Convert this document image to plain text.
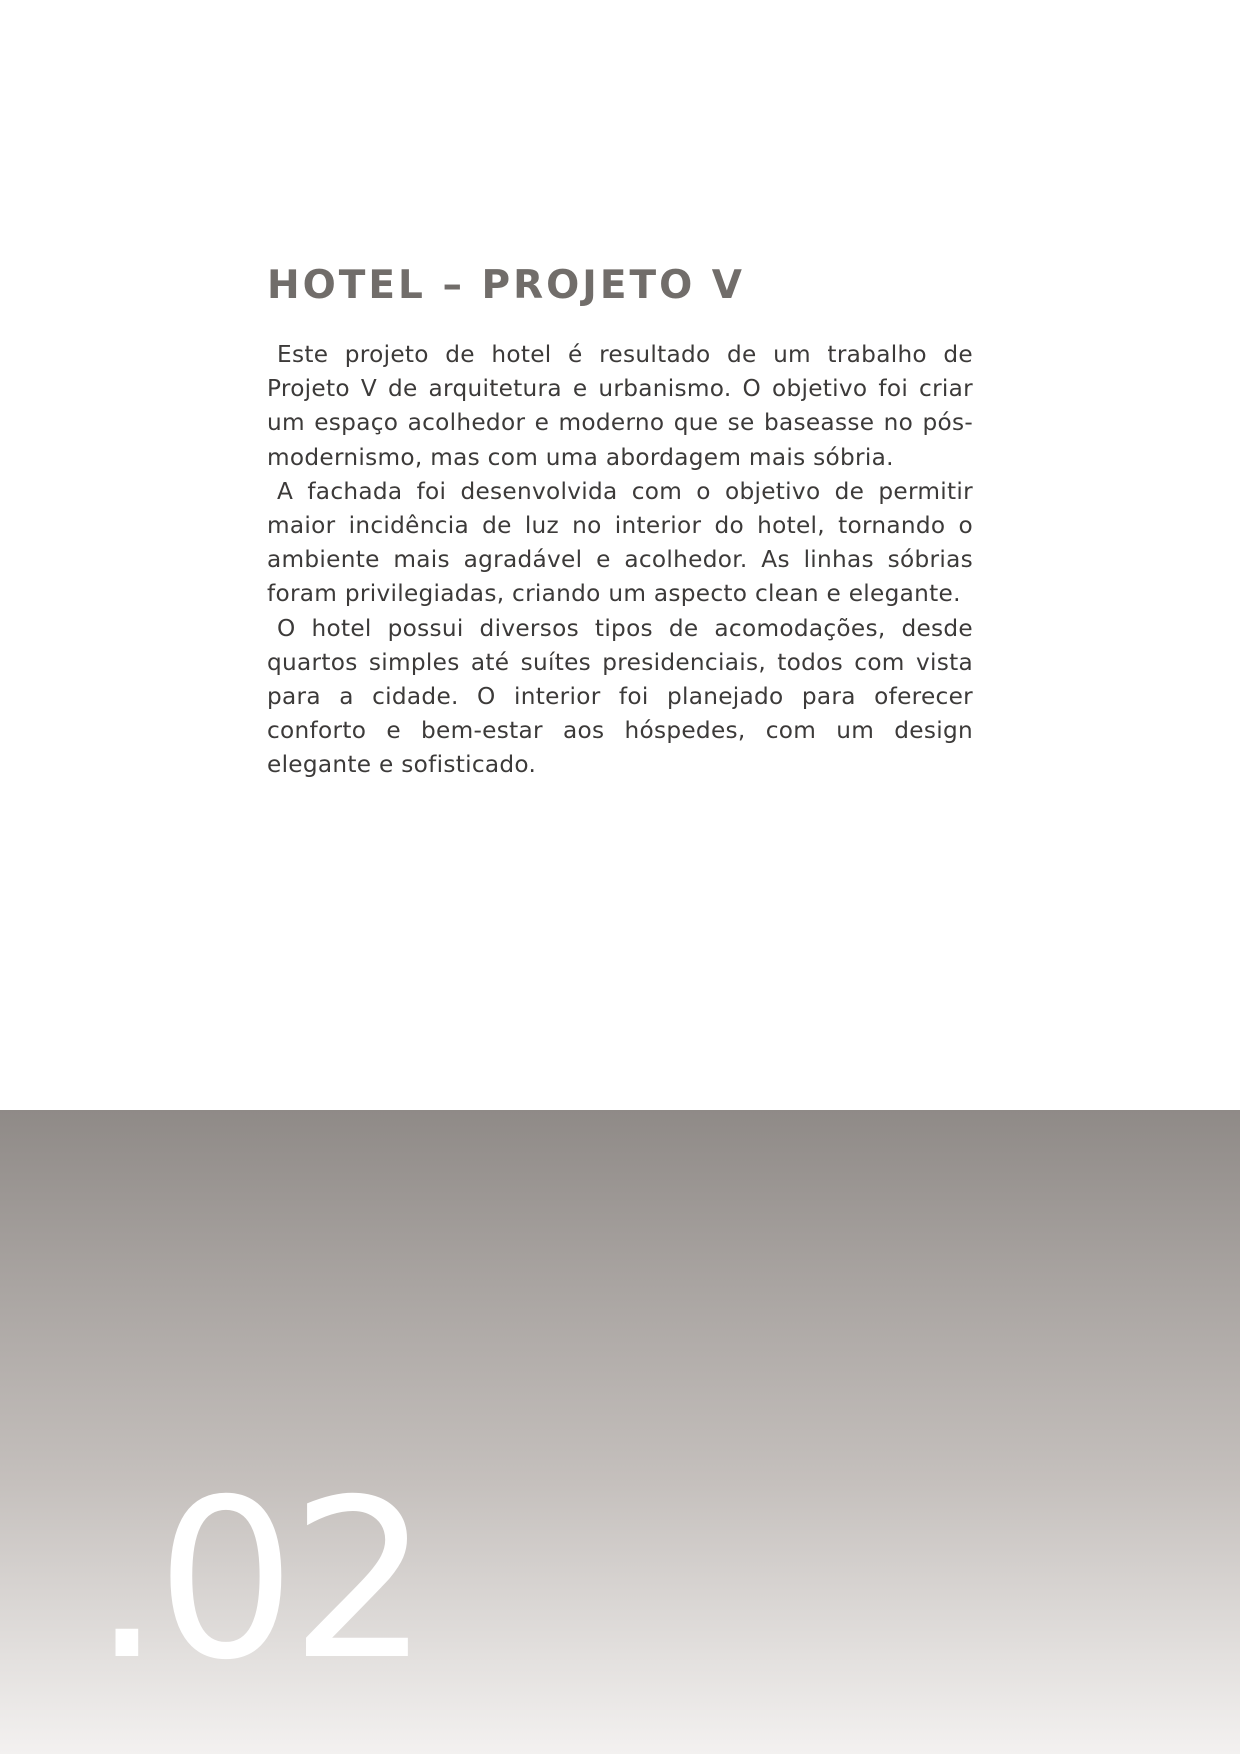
HOTEL – PROJETO V

Este projeto de hotel é resultado de um trabalho de Projeto V de arquitetura e urbanismo. O objetivo foi criar um espaço acolhedor e moderno que se baseasse no pós-modernismo, mas com uma abordagem mais sóbria.

A fachada foi desenvolvida com o objetivo de permitir maior incidência de luz no interior do hotel, tornando o ambiente mais agradável e acolhedor. As linhas sóbrias foram privilegiadas, criando um aspecto clean e elegante.

O hotel possui diversos tipos de acomodações, desde quartos simples até suítes presidenciais, todos com vista para a cidade. O interior foi planejado para oferecer conforto e bem-estar aos hóspedes, com um design elegante e sofisticado.

.02
